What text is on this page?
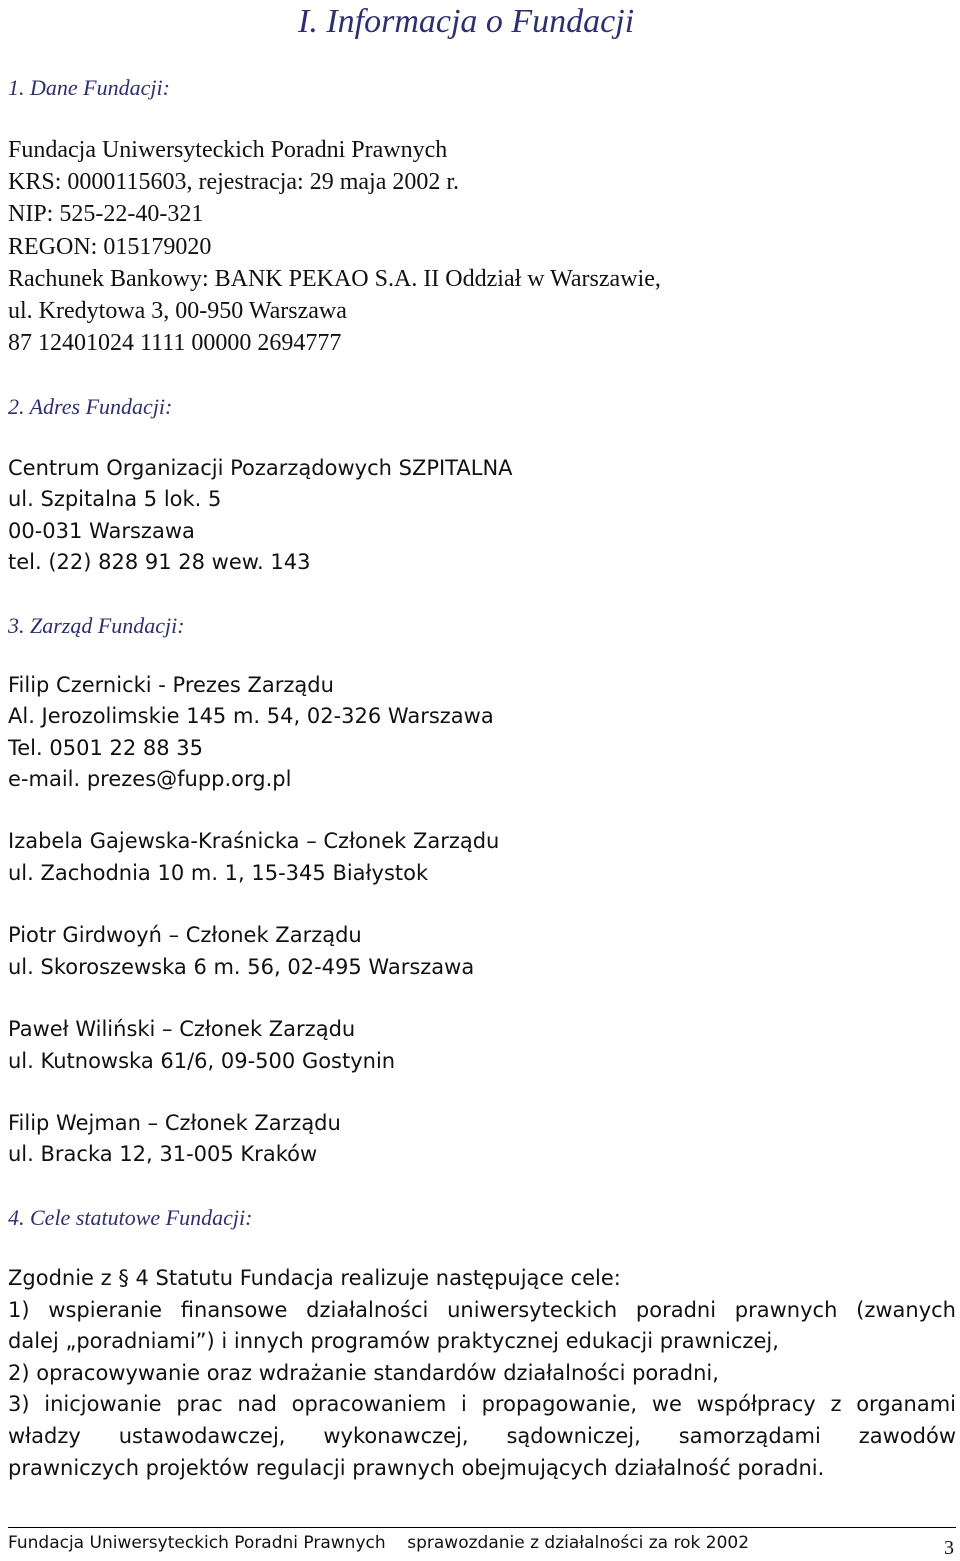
I. Informacja o Fundacji
1. Dane Fundacji:
Fundacja Uniwersyteckich Poradni Prawnych
KRS: 0000115603, rejestracja: 29 maja 2002 r.
NIP: 525-22-40-321
REGON: 015179020
Rachunek Bankowy: BANK PEKAO S.A. II Oddział w Warszawie,
ul. Kredytowa 3, 00-950 Warszawa
87 12401024 1111 00000 2694777
2. Adres Fundacji:
Centrum Organizacji Pozarządowych SZPITALNA
ul. Szpitalna 5 lok. 5
00-031 Warszawa
tel. (22) 828 91 28 wew. 143
3. Zarząd Fundacji:
Filip Czernicki - Prezes Zarządu
Al. Jerozolimskie 145 m. 54, 02-326 Warszawa
Tel. 0501 22 88 35
e-mail. prezes@fupp.org.pl
Izabela Gajewska-Kraśnicka – Członek Zarządu
ul. Zachodnia 10 m. 1, 15-345 Białystok
Piotr Girdwoyń – Członek Zarządu
ul. Skoroszewska 6 m. 56, 02-495 Warszawa
Paweł Wiliński – Członek Zarządu
ul. Kutnowska 61/6, 09-500 Gostynin
Filip Wejman – Członek Zarządu
ul. Bracka 12, 31-005 Kraków
4. Cele statutowe Fundacji:
Zgodnie z § 4 Statutu Fundacja realizuje następujące cele:
1) wspieranie finansowe działalności uniwersyteckich poradni prawnych (zwanych
dalej „poradniami”) i innych programów praktycznej edukacji prawniczej,
2) opracowywanie oraz wdrażanie standardów działalności poradni,
3) inicjowanie prac nad opracowaniem i propagowanie, we współpracy z organami
władzy ustawodawczej, wykonawczej, sądowniczej, samorządami zawodów
prawniczych projektów regulacji prawnych obejmujących działalność poradni.
Fundacja Uniwersyteckich Poradni Prawnych    sprawozdanie z działalności za rok 2002	3
